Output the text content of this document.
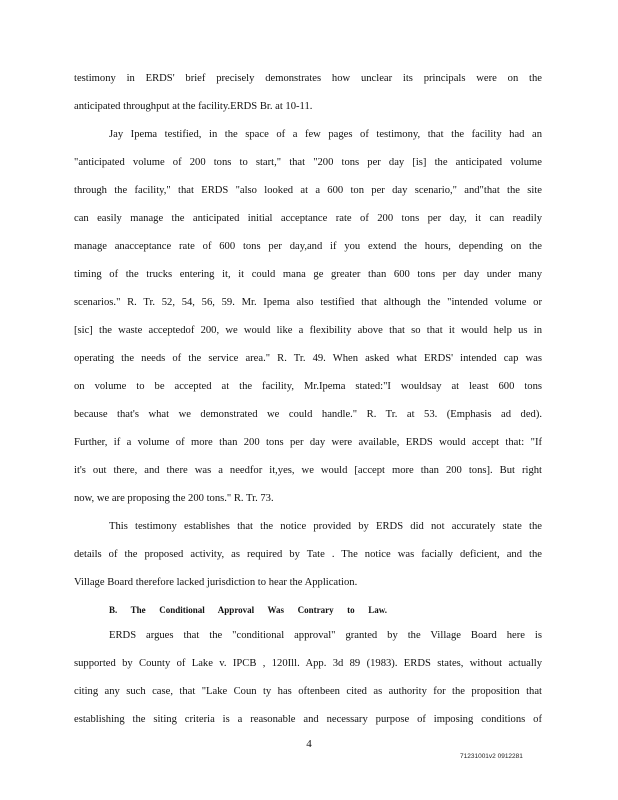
testimony in ERDS' brief precisely demonstrates how unclear its principals were on the
anticipated throughput at the facility.ERDS Br. at 10-11.
Jay Ipema testified, in the space of a few pages of testimony, that the facility had an
"anticipated volume of 200 tons to start," that "200 tons per day [is] the anticipated volume
through the facility," that ERDS "also looked at a 600 ton per day scenario," and"that the site
can easily manage the anticipated initial acceptance rate of 200 tons per day, it can readily
manage anacceptance rate of 600 tons per day,and if you extend the hours, depending on the
timing of the trucks entering it, it could mana ge greater than 600 tons per day under many
scenarios." R. Tr. 52, 54, 56, 59. Mr. Ipema also testified that although the "intended volume or
[sic] the waste acceptedof 200, we would like a flexibility above that so that it would help us in
operating the needs of the service area." R. Tr. 49. When asked what ERDS' intended cap was
on volume to be accepted at the facility, Mr.Ipema stated:"I wouldsay at least 600 tons
because that's what we demonstrated we could handle." R. Tr. at 53. (Emphasis ad ded).
Further, if a volume of more than 200 tons per day were available, ERDS would accept that: "If
it's out there, and there was a needfor it,yes, we would [accept more than 200 tons]. But right
now, we are proposing the 200 tons." R. Tr. 73.
This testimony establishes that the notice provided by ERDS did not accurately state the
details of the proposed activity, as required by Tate . The notice was facially deficient, and the
Village Board therefore lacked jurisdiction to hear the Application.
B. The Conditional Approval Was Contrary to Law.
ERDS argues that the "conditional approval" granted by the Village Board here is
supported by County of Lake v. IPCB , 120Ill. App. 3d 89 (1983). ERDS states, without actually
citing any such case, that "Lake Coun ty has oftenbeen cited as authority for the proposition that
establishing the siting criteria is a reasonable and necessary purpose of imposing conditions of
4
71231001v2 0912281
